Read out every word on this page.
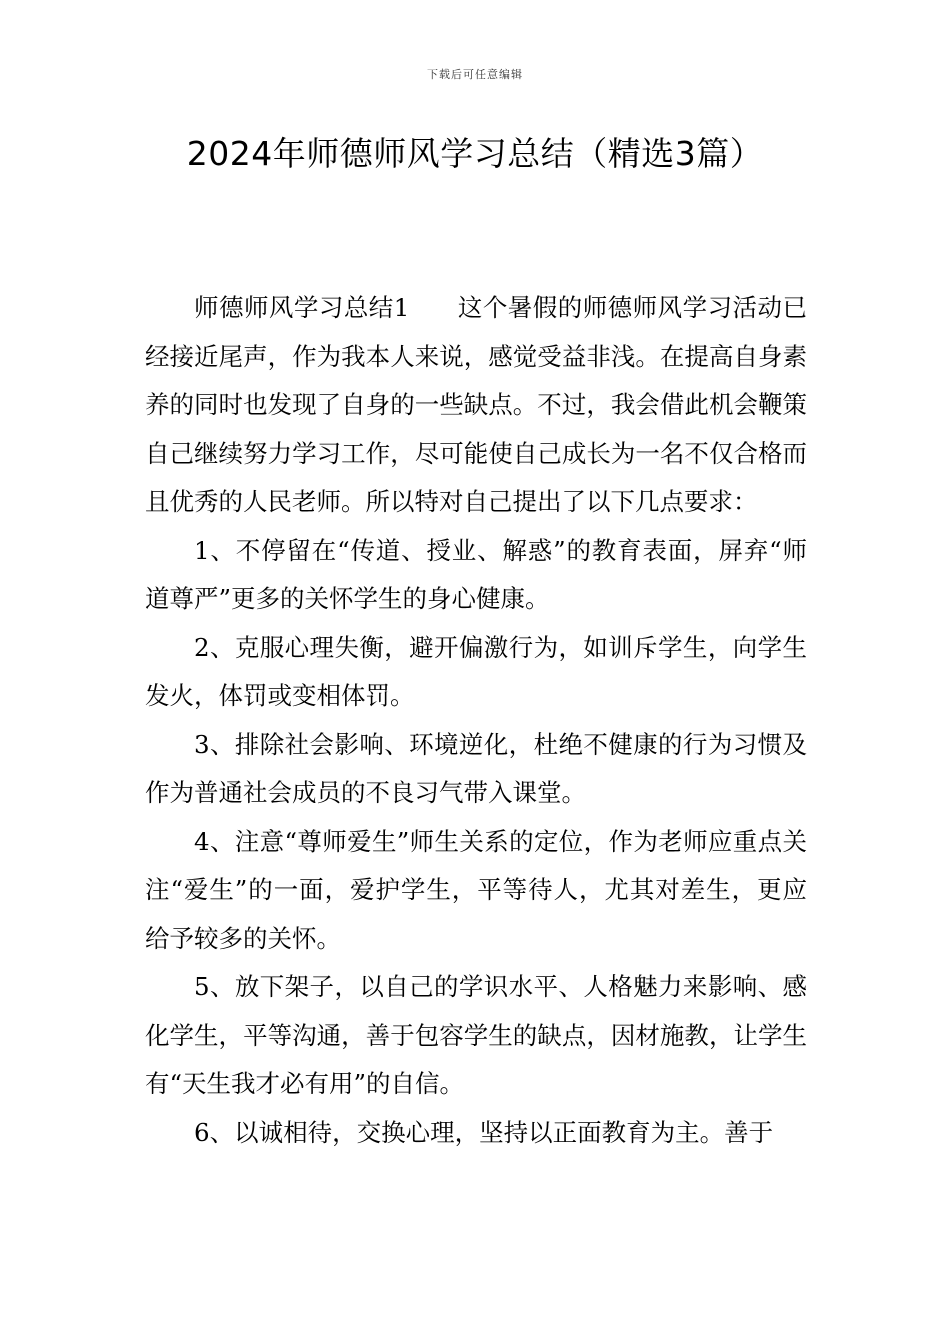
下载后可任意编辑
2024年师德师风学习总结（精选3篇）

师德师风学习总结1 这个暑假的师德师风学习活动已经接近尾声，作为我本人来说，感觉受益非浅。在提高自身素养的同时也发现了自身的一些缺点。不过，我会借此机会鞭策自己继续努力学习工作，尽可能使自己成长为一名不仅合格而且优秀的人民老师。所以特对自己提出了以下几点要求：

1、不停留在“传道、授业、解惑”的教育表面，屏弃“师道尊严”更多的关怀学生的身心健康。

2、克服心理失衡，避开偏激行为，如训斥学生，向学生发火，体罚或变相体罚。

3、排除社会影响、环境逆化，杜绝不健康的行为习惯及作为普通社会成员的不良习气带入课堂。

4、注意“尊师爱生”师生关系的定位，作为老师应重点关注“爱生”的一面，爱护学生，平等待人，尤其对差生，更应给予较多的关怀。

5、放下架子，以自己的学识水平、人格魅力来影响、感化学生，平等沟通，善于包容学生的缺点，因材施教，让学生有“天生我才必有用”的自信。

6、以诚相待，交换心理，坚持以正面教育为主。善于
